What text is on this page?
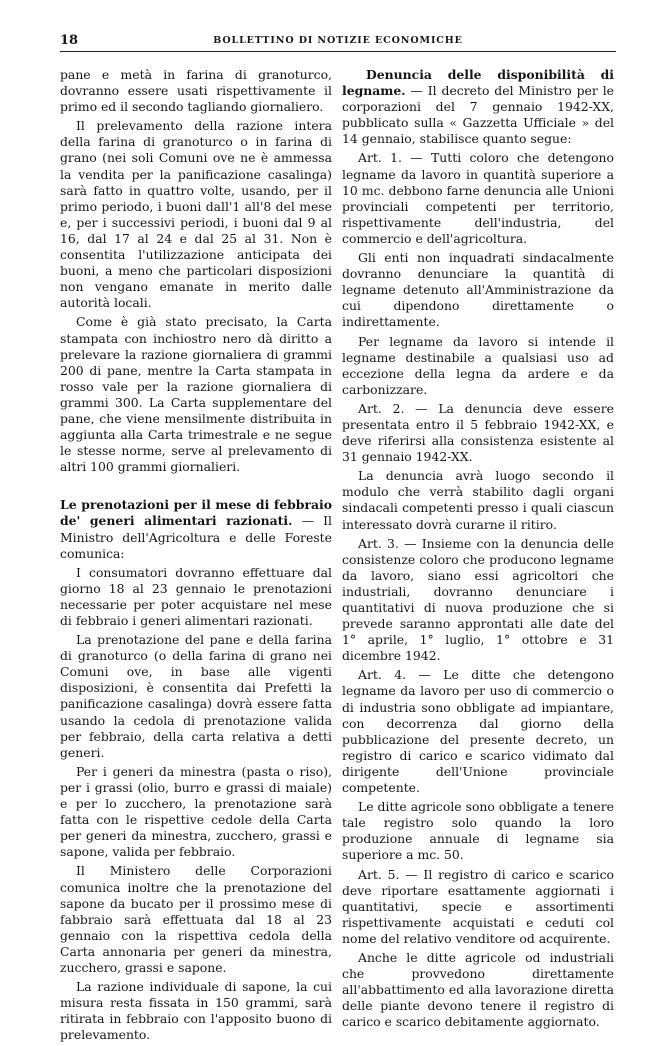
18	BOLLETTINO DI NOTIZIE ECONOMICHE

pane e metà in farina di granoturco, dovranno essere usati rispettivamente il primo ed il secondo tagliando giornaliero.

Il prelevamento della razione intera della farina di granoturco o in farina di grano (nei soli Comuni ove ne è ammessa la vendita per la panificazione casalinga) sarà fatto in quattro volte, usando, per il primo periodo, i buoni dall'1 all'8 del mese e, per i successivi periodi, i buoni dal 9 al 16, dal 17 al 24 e dal 25 al 31. Non è consentita l'utilizzazione anticipata dei buoni, a meno che particolari disposizioni non vengano emanate in merito dalle autorità locali.

Come è già stato precisato, la Carta stampata con inchiostro nero dà diritto a prelevare la razione giornaliera di grammi 200 di pane, mentre la Carta stampata in rosso vale per la razione giornaliera di grammi 300. La Carta supplementare del pane, che viene mensilmente distribuita in aggiunta alla Carta trimestrale e ne segue le stesse norme, serve al prelevamento di altri 100 grammi giornalieri.

Le prenotazioni per il mese di febbraio de' generi alimentari razionati. — Il Ministro dell'Agricoltura e delle Foreste comunica:

I consumatori dovranno effettuare dal giorno 18 al 23 gennaio le prenotazioni necessarie per poter acquistare nel mese di febbraio i generi alimentari razionati.

La prenotazione del pane e della farina di granoturco (o della farina di grano nei Comuni ove, in base alle vigenti disposizioni, è consentita dai Prefetti la panificazione casalinga) dovrà essere fatta usando la cedola di prenotazione valida per febbraio, della carta relativa a detti generi.

Per i generi da minestra (pasta o riso), per i grassi (olio, burro e grassi di maiale) e per lo zucchero, la prenotazione sarà fatta con le rispettive cedole della Carta per generi da minestra, zucchero, grassi e sapone, valida per febbraio.

Il Ministero delle Corporazioni comunica inoltre che la prenotazione del sapone da bucato per il prossimo mese di fabbraio sarà effettuata dal 18 al 23 gennaio con la rispettiva cedola della Carta annonaria per generi da minestra, zucchero, grassi e sapone.

La razione individuale di sapone, la cui misura resta fissata in 150 grammi, sarà ritirata in febbraio con l'apposito buono di prelevamento.

Denuncia delle disponibilità di legname. — Il decreto del Ministro per le corporazioni del 7 gennaio 1942-XX, pubblicato sulla « Gazzetta Ufficiale » del 14 gennaio, stabilisce quanto segue:

Art. 1. — Tutti coloro che detengono legname da lavoro in quantità superiore a 10 mc. debbono farne denuncia alle Unioni provinciali competenti per territorio, rispettivamente dell'industria, del commercio e dell'agricoltura.

Gli enti non inquadrati sindacalmente dovranno denunciare la quantità di legname detenuto all'Amministrazione da cui dipendono direttamente o indirettamente.

Per legname da lavoro si intende il legname destinabile a qualsiasi uso ad eccezione della legna da ardere e da carbonizzare.

Art. 2. — La denuncia deve essere presentata entro il 5 febbraio 1942-XX, e deve riferirsi alla consistenza esistente al 31 gennaio 1942-XX.

La denuncia avrà luogo secondo il modulo che verrà stabilito dagli organi sindacali competenti presso i quali ciascun interessato dovrà curarne il ritiro.

Art. 3. — Insieme con la denuncia delle consistenze coloro che producono legname da lavoro, siano essi agricoltori che industriali, dovranno denunciare i quantitativi di nuova produzione che si prevede saranno approntati alle date del 1° aprile, 1° luglio, 1° ottobre e 31 dicembre 1942.

Art. 4. — Le ditte che detengono legname da lavoro per uso di commercio o di industria sono obbligate ad impiantare, con decorrenza dal giorno della pubblicazione del presente decreto, un registro di carico e scarico vidimato dal dirigente dell'Unione provinciale competente.

Le ditte agricole sono obbligate a tenere tale registro solo quando la loro produzione annuale di legname sia superiore a mc. 50.

Art. 5. — Il registro di carico e scarico deve riportare esattamente aggiornati i quantitativi, specie e assortimenti rispettivamente acquistati e ceduti col nome del relativo venditore od acquirente.

Anche le ditte agricole od industriali che provvedono direttamente all'abbattimento ed alla lavorazione diretta delle piante devono tenere il registro di carico e scarico debitamente aggiornato.
